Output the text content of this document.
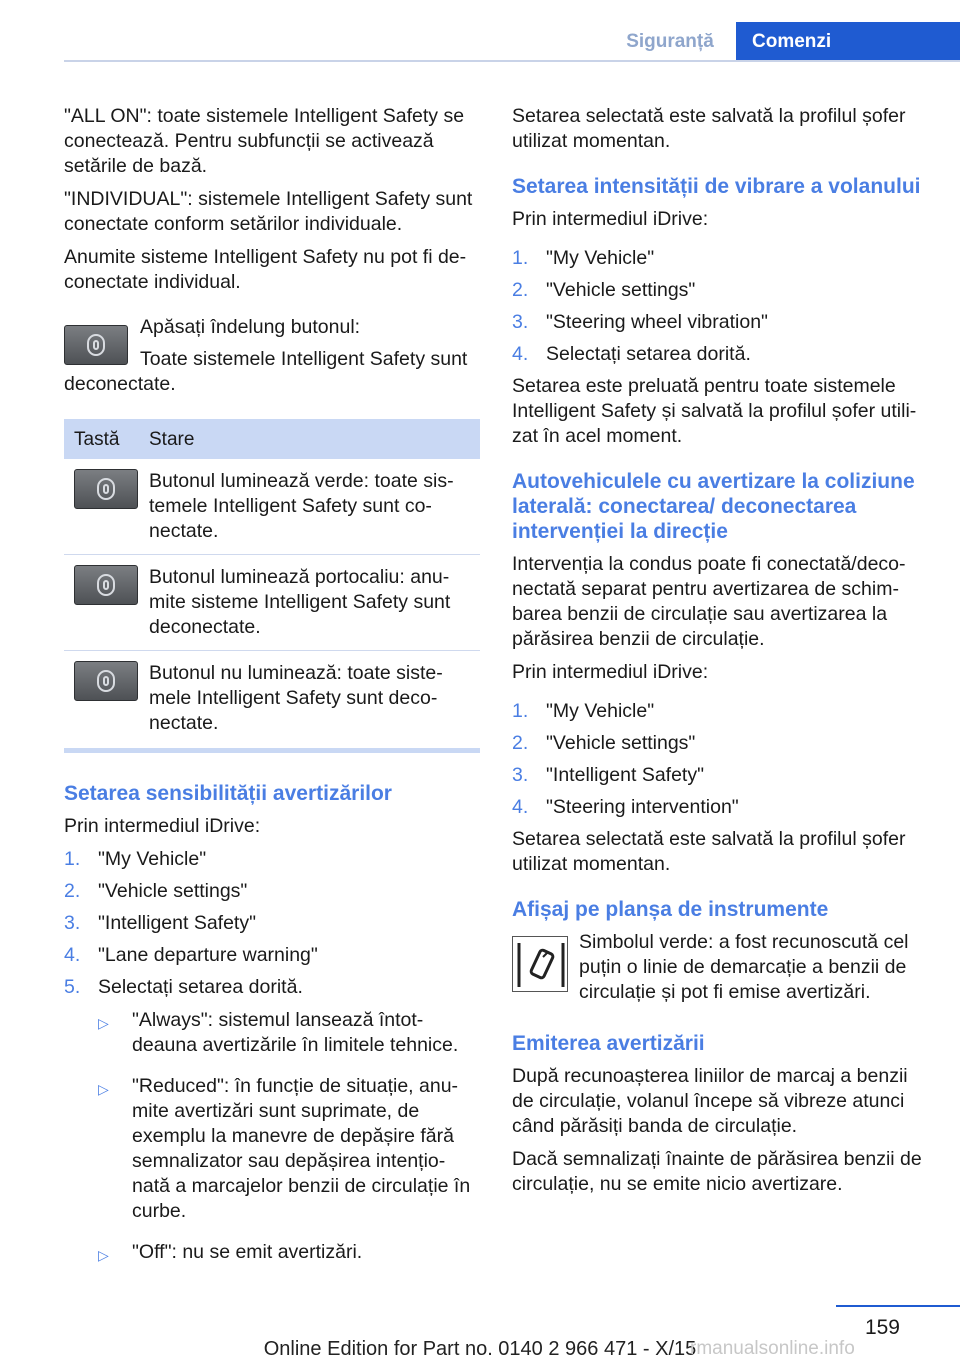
Siguranță	Comenzi

"ALL ON": toate sistemele Intelligent Safety se conectează. Pentru subfuncții se activează setările de bază.

"INDIVIDUAL": sistemele Intelligent Safety sunt conectate conform setărilor individuale.

Anumite sisteme Intelligent Safety nu pot fi de-conectate individual.

Apăsați îndelung butonul:
Toate sistemele Intelligent Safety sunt
deconectate.
Tastă	Stare

	Butonul luminează verde: toate sis-temele Intelligent Safety sunt co-nectate.

	Butonul luminează portocaliu: anu-mite sisteme Intelligent Safety sunt deconectate.

	Butonul nu luminează: toate siste-mele Intelligent Safety sunt deco-nectate.
Setarea sensibilității avertizărilor

Prin intermediul iDrive:

1. "My Vehicle"
2. "Vehicle settings"
3. "Intelligent Safety"
4. "Lane departure warning"
5. Selectați setarea dorită.
▷ "Always": sistemul lansează întot-deauna avertizările în limitele tehnice.
▷ "Reduced": în funcție de situație, anu-mite avertizări sunt suprimate, de exemplu la manevre de depășire fără semnalizator sau depășirea intențio-nată a marcajelor benzii de circulație în curbe.
▷ "Off": nu se emit avertizări.

Setarea selectată este salvată la profilul șofer utilizat momentan.

Setarea intensității de vibrare a volanului

Prin intermediul iDrive:

1. "My Vehicle"
2. "Vehicle settings"
3. "Steering wheel vibration"
4. Selectați setarea dorită.

Setarea este preluată pentru toate sistemele Intelligent Safety și salvată la profilul șofer utili-zat în acel moment.

Autovehiculele cu avertizare la coliziune laterală: conectarea/ deconectarea intervenției la direcție

Intervenția la condus poate fi conectată/deco-nectată separat pentru avertizarea de schim-barea benzii de circulație sau avertizarea la părăsirea benzii de circulație.

Prin intermediul iDrive:

1. "My Vehicle"
2. "Vehicle settings"
3. "Intelligent Safety"
4. "Steering intervention"

Setarea selectată este salvată la profilul șofer utilizat momentan.

Afișaj pe planșa de instrumente
Simbolul verde: a fost recunoscută cel puțin o linie de demarcație a benzii de circulație și pot fi emise avertizări.
Emiterea avertizării

După recunoașterea liniilor de marcaj a benzii de circulație, volanul începe să vibreze atunci când părăsiți banda de circulație.

Dacă semnalizați înainte de părăsirea benzii de circulație, nu se emite nicio avertizare.

159
Online Edition for Part no. 0140 2 966 471 - X/15
rmanualsonline.info
